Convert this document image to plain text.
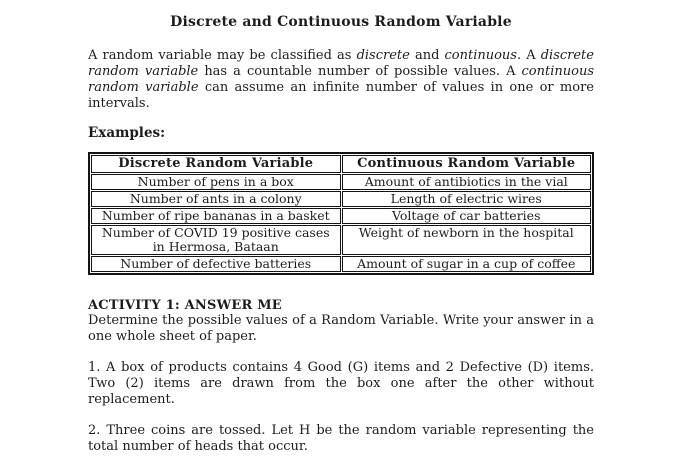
Discrete and Continuous Random Variable

A random variable may be classified as discrete and continuous. A discrete random variable has a countable number of possible values. A continuous random variable can assume an infinite number of values in one or more intervals.

Examples:

Discrete Random Variable	Continuous Random Variable
Number of pens in a box	Amount of antibiotics in the vial
Number of ants in a colony	Length of electric wires
Number of ripe bananas in a basket	Voltage of car batteries
Number of COVID 19 positive cases in Hermosa, Bataan	Weight of newborn in the hospital
Number of defective batteries	Amount of sugar in a cup of coffee

ACTIVITY 1: ANSWER ME

Determine the possible values of a Random Variable. Write your answer in a one whole sheet of paper.

1. A box of products contains 4 Good (G) items and 2 Defective (D) items. Two (2) items are drawn from the box one after the other without replacement.

2. Three coins are tossed. Let H be the random variable representing the total number of heads that occur.
